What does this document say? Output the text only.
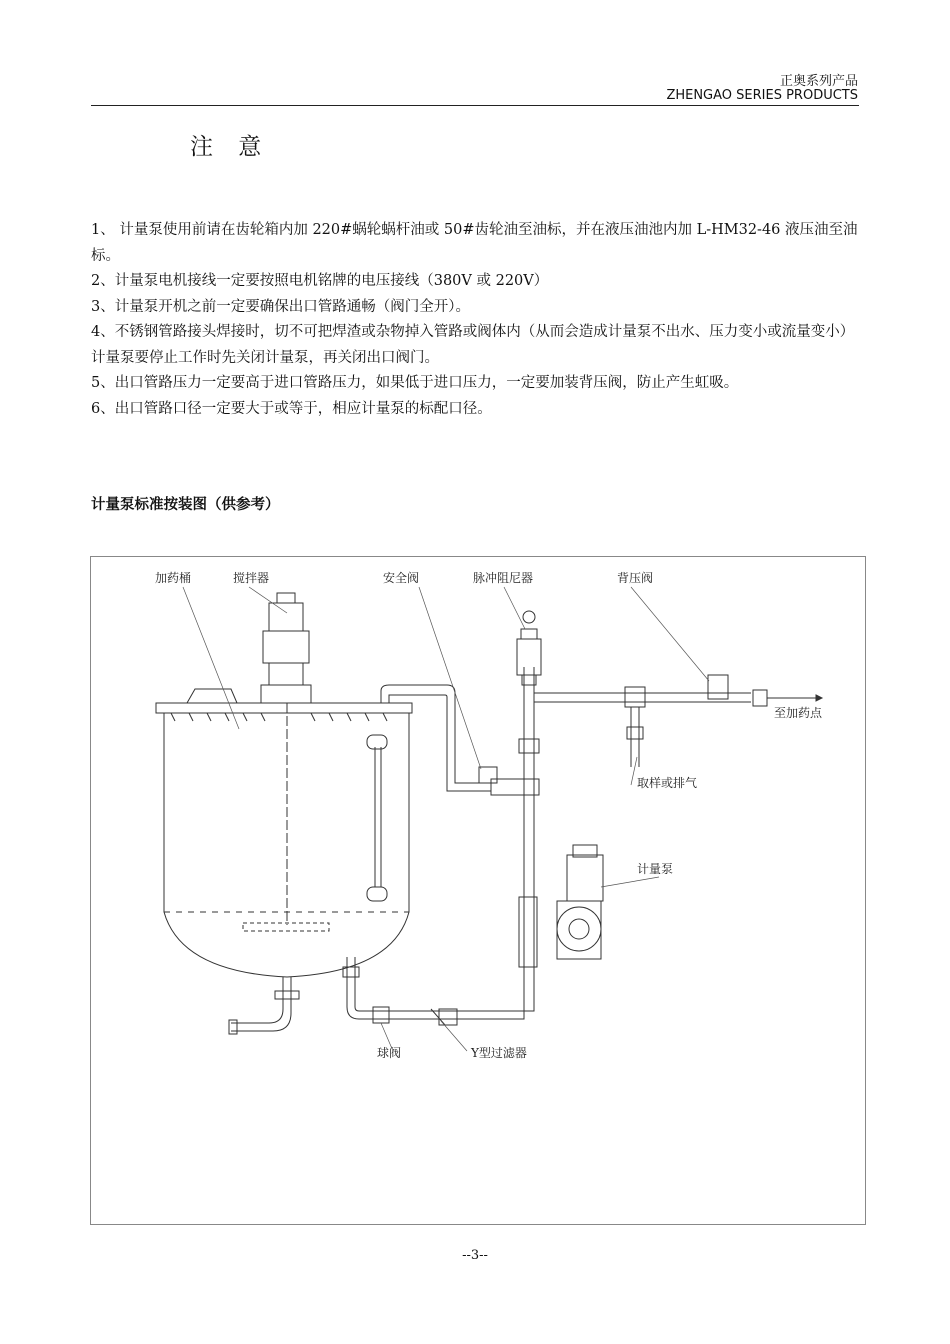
正奥系列产品
ZHENGAO SERIES PRODUCTS
注 意

1、 计量泵使用前请在齿轮箱内加 220#蜗轮蜗杆油或 50#齿轮油至油标，并在液压油池内加 L-HM32-46 液压油至油标。

2、计量泵电机接线一定要按照电机铭牌的电压接线（380V 或 220V）

3、计量泵开机之前一定要确保出口管路通畅（阀门全开）。

4、不锈钢管路接头焊接时，切不可把焊渣或杂物掉入管路或阀体内（从而会造成计量泵不出水、压力变小或流量变小）

计量泵要停止工作时先关闭计量泵，再关闭出口阀门。

5、出口管路压力一定要高于进口管路压力，如果低于进口压力，一定要加装背压阀，防止产生虹吸。

6、出口管路口径一定要大于或等于，相应计量泵的标配口径。

计量泵标准按装图（供参考）
加药桶	搅拌器	安全阀	脉冲阻尼器	背压阀
至加药点
取样或排气
计量泵
球阀	Y型过滤器
--3--
